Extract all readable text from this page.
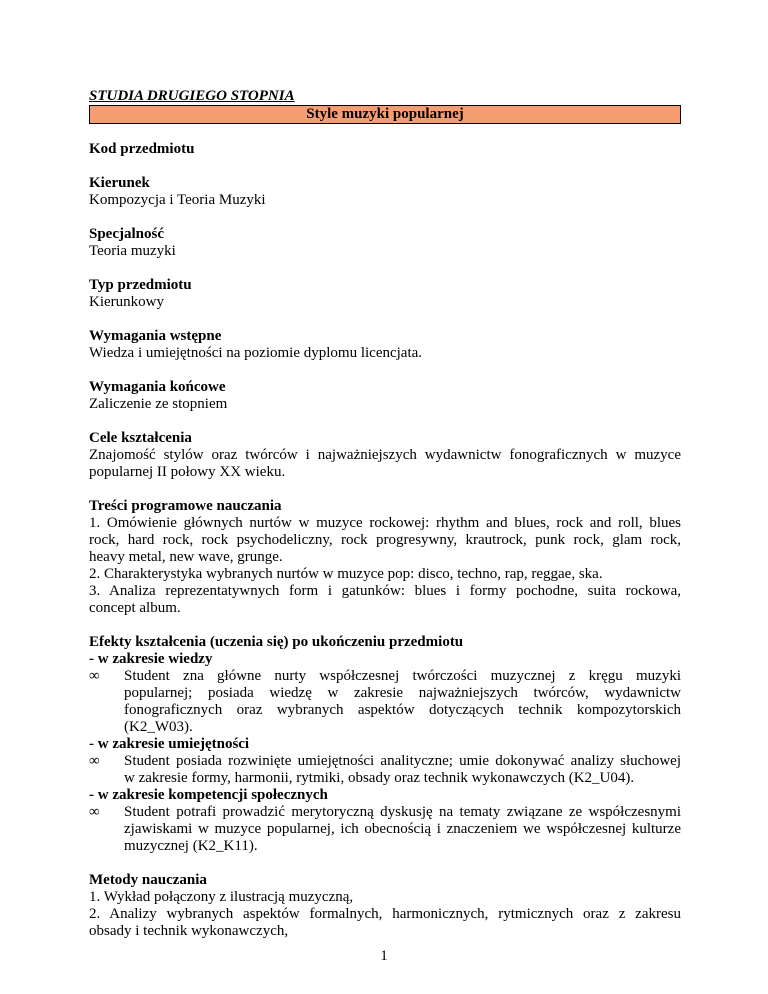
STUDIA DRUGIEGO STOPNIA

Style muzyki popularnej
Kod przedmiotu
Kierunek
Kompozycja i Teoria Muzyki
Specjalność
Teoria muzyki
Typ przedmiotu
Kierunkowy
Wymagania wstępne
Wiedza i umiejętności na poziomie dyplomu licencjata.
Wymagania końcowe
Zaliczenie ze stopniem
Cele kształcenia
Znajomość stylów oraz twórców i najważniejszych wydawnictw fonograficznych w muzyce
popularnej II połowy XX wieku.
Treści programowe nauczania
1. Omówienie głównych nurtów w muzyce rockowej: rhythm and blues, rock and roll, blues
rock, hard rock, rock psychodeliczny, rock progresywny, krautrock, punk rock, glam rock,
heavy metal, new wave, grunge.
2. Charakterystyka wybranych nurtów w muzyce pop: disco, techno, rap, reggae, ska.
3. Analiza reprezentatywnych form i gatunków: blues i formy pochodne, suita rockowa,
concept album.
Efekty kształcenia (uczenia się) po ukończeniu przedmiotu
- w zakresie wiedzy
∞	Student zna główne nurty współczesnej twórczości muzycznej z kręgu muzyki
popularnej; posiada wiedzę w zakresie najważniejszych twórców, wydawnictw
fonograficznych oraz wybranych aspektów dotyczących technik kompozytorskich
(K2_W03).
- w zakresie umiejętności
∞	Student posiada rozwinięte umiejętności analityczne; umie dokonywać analizy słuchowej
w zakresie formy, harmonii, rytmiki, obsady oraz technik wykonawczych (K2_U04).
- w zakresie kompetencji społecznych
∞	Student potrafi prowadzić merytoryczną dyskusję na tematy związane ze współczesnymi
zjawiskami w muzyce popularnej, ich obecnością i znaczeniem we współczesnej kulturze
muzycznej (K2_K11).
Metody nauczania
1. Wykład połączony z ilustracją muzyczną,
2. Analizy wybranych aspektów formalnych, harmonicznych, rytmicznych oraz z zakresu
obsady i technik wykonawczych,
1
